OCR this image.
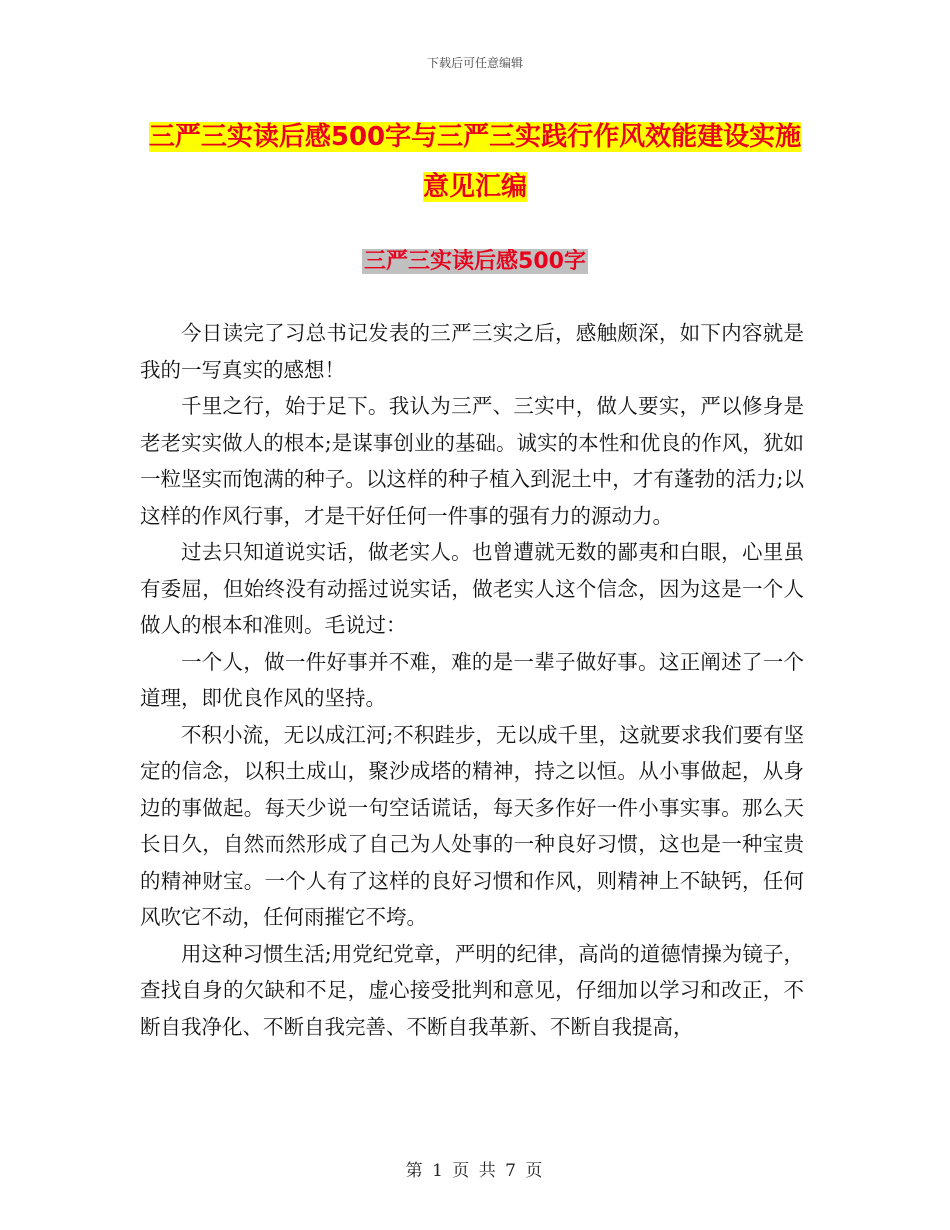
下载后可任意编辑
三严三实读后感500字与三严三实践行作风效能建设实施意见汇编
三严三实读后感500字

今日读完了习总书记发表的三严三实之后，感触颇深，如下内容就是我的一写真实的感想！

千里之行，始于足下。我认为三严、三实中，做人要实，严以修身是老老实实做人的根本;是谋事创业的基础。诚实的本性和优良的作风，犹如一粒坚实而饱满的种子。以这样的种子植入到泥土中，才有蓬勃的活力;以这样的作风行事，才是干好任何一件事的强有力的源动力。

过去只知道说实话，做老实人。也曾遭就无数的鄙夷和白眼，心里虽有委屈，但始终没有动摇过说实话，做老实人这个信念，因为这是一个人做人的根本和准则。毛说过：

一个人，做一件好事并不难，难的是一辈子做好事。这正阐述了一个道理，即优良作风的坚持。

不积小流，无以成江河;不积跬步，无以成千里，这就要求我们要有坚定的信念，以积土成山，聚沙成塔的精神，持之以恒。从小事做起，从身边的事做起。每天少说一句空话谎话，每天多作好一件小事实事。那么天长日久，自然而然形成了自己为人处事的一种良好习惯，这也是一种宝贵的精神财宝。一个人有了这样的良好习惯和作风，则精神上不缺钙，任何风吹它不动，任何雨摧它不垮。

用这种习惯生活;用党纪党章，严明的纪律，高尚的道德情操为镜子，查找自身的欠缺和不足，虚心接受批判和意见，仔细加以学习和改正，不断自我净化、不断自我完善、不断自我革新、不断自我提高，

第 1 页 共 7 页
